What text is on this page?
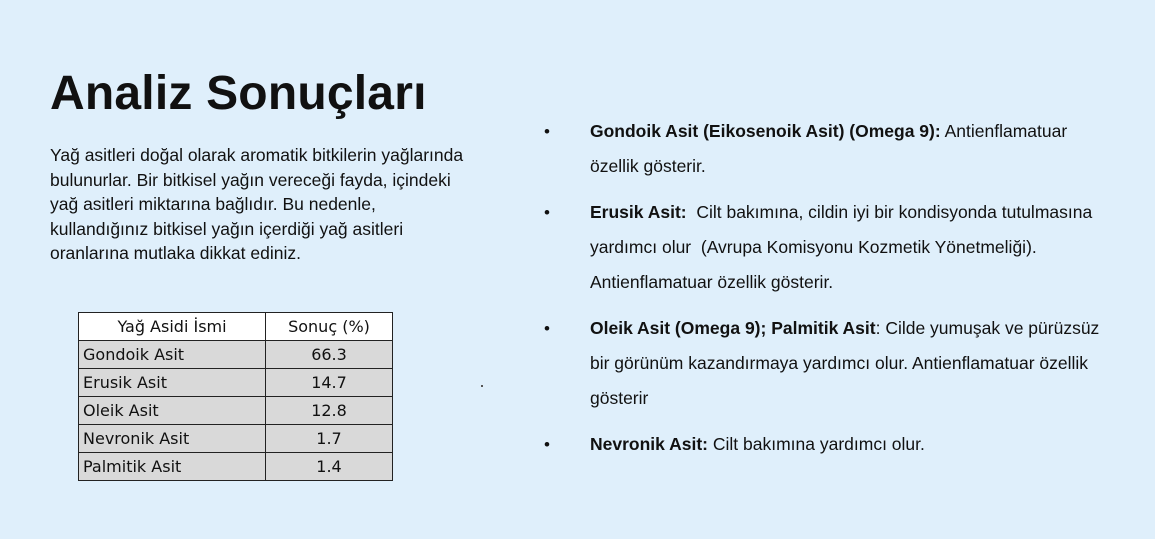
Analiz Sonuçları

Yağ asitleri doğal olarak aromatik bitkilerin yağlarında bulunurlar. Bir bitkisel yağın vereceği fayda, içindeki yağ asitleri miktarına bağlıdır. Bu nedenle, kullandığınız bitkisel yağın içerdiği yağ asitleri oranlarına mutlaka dikkat ediniz.

Yağ Asidi İsmi	Sonuç (%)
Gondoik Asit	66.3
Erusik Asit	14.7
Oleik Asit	12.8
Nevronik Asit	1.7
Palmitik Asit	1.4
• Gondoik Asit (Eikosenoik Asit) (Omega 9): Antienflamatuar özellik gösterir.
• Erusik Asit:  Cilt bakımına, cildin iyi bir kondisyonda tutulmasına yardımcı olur  (Avrupa Komisyonu Kozmetik Yönetmeliği). Antienflamatuar özellik gösterir.
• Oleik Asit (Omega 9); Palmitik Asit: Cilde yumuşak ve pürüzsüz bir görünüm kazandırmaya yardımcı olur. Antienflamatuar özellik gösterir
• Nevronik Asit: Cilt bakımına yardımcı olur.
